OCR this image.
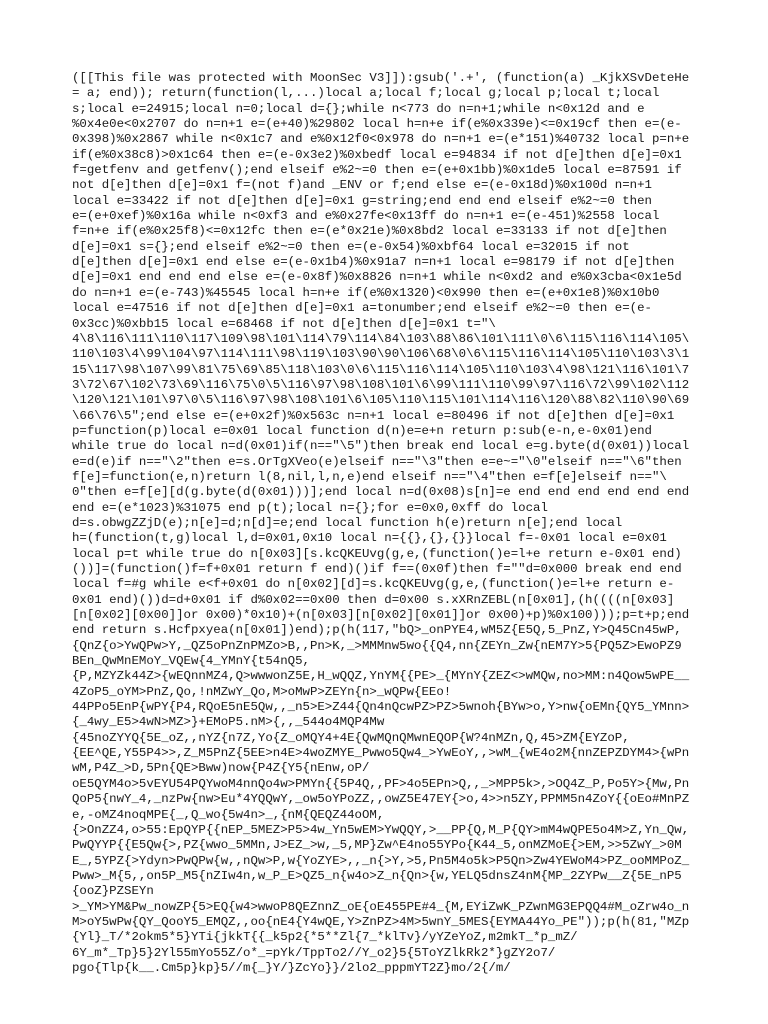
([[This file was protected with MoonSec V3]]):gsub('.+', (function(a) _KjkXSvDeteHe
= a; end)); return(function(l,...)local a;local f;local g;local p;local t;local
s;local e=24915;local n=0;local d={};while n<773 do n=n+1;while n<0x12d and e
%0x4e0e<0x2707 do n=n+1 e=(e+40)%29802 local h=n+e if(e%0x339e)<=0x19cf then e=(e-
0x398)%0x2867 while n<0x1c7 and e%0x12f0<0x978 do n=n+1 e=(e*151)%40732 local p=n+e
if(e%0x38c8)>0x1c64 then e=(e-0x3e2)%0xbedf local e=94834 if not d[e]then d[e]=0x1
f=getfenv and getfenv();end elseif e%2~=0 then e=(e+0x1bb)%0x1de5 local e=87591 if
not d[e]then d[e]=0x1 f=(not f)and _ENV or f;end else e=(e-0x18d)%0x100d n=n+1
local e=33422 if not d[e]then d[e]=0x1 g=string;end end end elseif e%2~=0 then
e=(e+0xef)%0x16a while n<0xf3 and e%0x27fe<0x13ff do n=n+1 e=(e-451)%2558 local
f=n+e if(e%0x25f8)<=0x12fc then e=(e*0x21e)%0x8bd2 local e=33133 if not d[e]then
d[e]=0x1 s={};end elseif e%2~=0 then e=(e-0x54)%0xbf64 local e=32015 if not
d[e]then d[e]=0x1 end else e=(e-0x1b4)%0x91a7 n=n+1 local e=98179 if not d[e]then
d[e]=0x1 end end end else e=(e-0x8f)%0x8826 n=n+1 while n<0xd2 and e%0x3cba<0x1e5d
do n=n+1 e=(e-743)%45545 local h=n+e if(e%0x1320)<0x990 then e=(e+0x1e8)%0x10b0
local e=47516 if not d[e]then d[e]=0x1 a=tonumber;end elseif e%2~=0 then e=(e-
0x3cc)%0xbb15 local e=68468 if not d[e]then d[e]=0x1 t="\
4\8\116\111\110\117\109\98\101\114\79\114\84\103\88\86\101\111\0\6\115\116\114\105\
110\103\4\99\104\97\114\111\98\119\103\90\90\106\68\0\6\115\116\114\105\110\103\3\1
15\117\98\107\99\81\75\69\85\118\103\0\6\115\116\114\105\110\103\4\98\121\116\101\7
3\72\67\102\73\69\116\75\0\5\116\97\98\108\101\6\99\111\110\99\97\116\72\99\102\112
\120\121\101\97\0\5\116\97\98\108\101\6\105\110\115\101\114\116\120\88\82\110\90\69
\66\76\5";end else e=(e+0x2f)%0x563c n=n+1 local e=80496 if not d[e]then d[e]=0x1
p=function(p)local e=0x01 local function d(n)e=e+n return p:sub(e-n,e-0x01)end
while true do local n=d(0x01)if(n=="\5")then break end local e=g.byte(d(0x01))local
e=d(e)if n=="\2"then e=s.OrTgXVeo(e)elseif n=="\3"then e=e~="\0"elseif n=="\6"then
f[e]=function(e,n)return l(8,nil,l,n,e)end elseif n=="\4"then e=f[e]elseif n=="\
0"then e=f[e][d(g.byte(d(0x01)))];end local n=d(0x08)s[n]=e end end end end end end
end e=(e*1023)%31075 end p(t);local n={};for e=0x0,0xff do local
d=s.obwgZZjD(e);n[e]=d;n[d]=e;end local function h(e)return n[e];end local
h=(function(t,g)local l,d=0x01,0x10 local n={{},{},{}}local f=-0x01 local e=0x01
local p=t while true do n[0x03][s.kcQKEUvg(g,e,(function()e=l+e return e-0x01 end)
())]=(function()f=f+0x01 return f end)()if f==(0x0f)then f=""d=0x000 break end end
local f=#g while e<f+0x01 do n[0x02][d]=s.kcQKEUvg(g,e,(function()e=l+e return e-
0x01 end)())d=d+0x01 if d%0x02==0x00 then d=0x00 s.xXRnZEBL(n[0x01],(h((((n[0x03]
[n[0x02][0x00]]or 0x00)*0x10)+(n[0x03][n[0x02][0x01]]or 0x00)+p)%0x100)));p=t+p;end
end return s.Hcfpxyea(n[0x01])end);p(h(117,"bQ>_onPYE4,wM5Z{E5Q,5_PnZ,Y>Q45Cn45wP,
{QnZ{o>YwQPw>Y,_QZ5oPnZnPMZo>B,,Pn>K,_>MMMnw5wo{{Q4,nn{ZEYn_Zw{nEM7Y>5{PQ5Z>EwoPZ9
BEn_QwMnEMoY_VQEw{4_YMnY{t54nQ5,
{P,MZYZk44Z>{wEQnnMZ4,Q>wwwonZ5E,H_wQQZ,YnYM{{PE>_{MYnY{ZEZ<>wMQw,no>MM:n4Qow5wPE__
4ZoP5_oYM>PnZ,Qo,!nMZwY_Qo,M>oMwP>ZEYn{n>_wQPw{EEo!
44PPo5EnP{wPY{P4,RQoE5nE5Qw,,_n5>E>Z44{Qn4nQcwPZ>PZ>5wnoh{BYw>o,Y>nw{oEMn{QY5_YMnn>
{_4wy_E5>4wN>MZ>}+EMoP5.nM>{,,_544o4MQP4Mw
{45noZYYQ{5E_oZ,,nYZ{n7Z,Yo{Z_oMQY4+4E{QwMQnQMwnEQOP{W?4nMZn,Q,45>ZM{EYZoP,
{EE^QE,Y55P4>>,Z_M5PnZ{5EE>n4E>4woZMYE_Pwwo5Qw4_>YwEoY,,>wM_{wE4o2M{nnZEPZDYM4>{wPn
wM,P4Z_>D,5Pn{QE>Bww)now{P4Z{Y5{nEnw,oP/
oE5QYM4o>5vEYU54PQYwoM4nnQo4w>PMYn{{5P4Q,,PF>4o5EPn>Q,,_>MPP5k>,>OQ4Z_P,Po5Y>{Mw,Pn
QoP5{nwY_4,_nzPw{nw>Eu*4YQQwY,_ow5oYPoZZ,,owZ5E47EY{>o,4>>n5ZY,PPMM5n4ZoY{{oEo#MnPZ
e,-oMZ4noqMPE{_,Q_wo{5w4n>_,{nM{QEQZ44oOM,
{>OnZZ4,o>55:EpQYP{{nEP_5MEZ>P5>4w_Yn5wEM>YwQQY,>__PP{Q,M_P{QY>mM4wQPE5o4M>Z,Yn_Qw,
PwQYYP{{E5Qw{>,PZ{wwo_5MMn,J>EZ_>w,_5,MP}Zw^E4no55YPo{K44_5,onMZMoE{>EM,>>5ZwY_>0M
E_,5YPZ{>Ydyn>PwQPw{w,,nQw>P,w{YoZYE>,,_n{>Y,>5,Pn5M4o5k>P5Qn>Zw4YEWoM4>PZ_ooMMPoZ_
Pww>_M{5,,on5P_M5{nZIw4n,w_P_E>QZ5_n{w4o>Z_n{Qn>{w,YELQ5dnsZ4nM{MP_2ZYPw__Z{5E_nP5
{ooZ}PZSEYn
>_YM>YM&Pw_nowZP{5>EQ{w4>wwoP8QEZnnZ_oE{oE455PE#4_{M,EYiZwK_PZwnMG3EPQQ4#M_oZrw4o_n
M>oY5wPw{QY_QooY5_EMQZ,,oo{nE4{Y4wQE,Y>ZnPZ>4M>5wnY_5MES{EYMA44Yo_PE"));p(h(81,"MZp
{Yl}_T/*2okm5*5}YTi{jkkT{{_k5p2{*5**Zl{7_*klTv}/yYZeYoZ,m2mkT_*p_mZ/
6Y_m*_Tp}5}2Yl55mYo55Z/o*_=pYk/TppTo2//Y_o2}5{5ToYZlkRk2*}gZY2o7/
pgo{Tlp{k__.Cm5p}kp}5//m{_}Y/}ZcYo}}/2lo2_pppmYT2Z}mo/2{/m/
